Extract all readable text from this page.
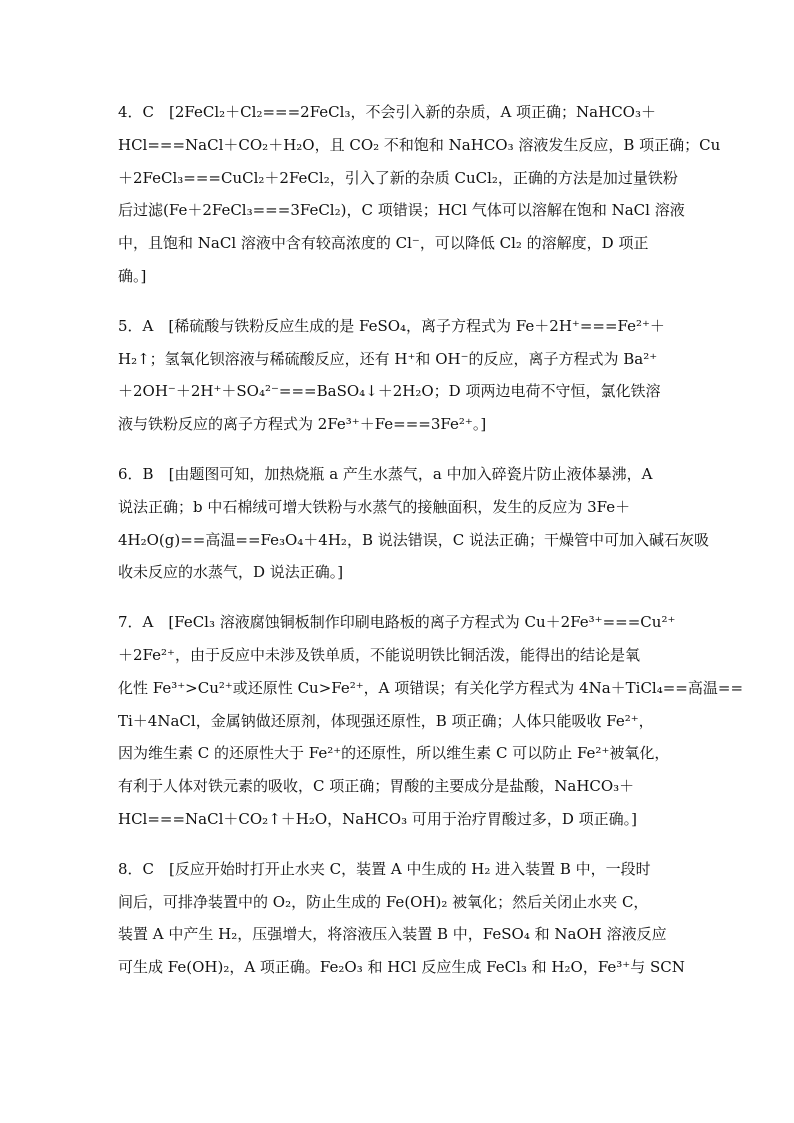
4．C　[2FeCl₂＋Cl₂===2FeCl₃，不会引入新的杂质，A 项正确；NaHCO₃＋
HCl===NaCl＋CO₂＋H₂O，且 CO₂ 不和饱和 NaHCO₃ 溶液发生反应，B 项正确；Cu
＋2FeCl₃===CuCl₂＋2FeCl₂，引入了新的杂质 CuCl₂，正确的方法是加过量铁粉
后过滤(Fe＋2FeCl₃===3FeCl₂)，C 项错误；HCl 气体可以溶解在饱和 NaCl 溶液
中，且饱和 NaCl 溶液中含有较高浓度的 Cl⁻，可以降低 Cl₂ 的溶解度，D 项正
确。]
5．A　[稀硫酸与铁粉反应生成的是 FeSO₄，离子方程式为 Fe＋2H⁺===Fe²⁺＋
H₂↑；氢氧化钡溶液与稀硫酸反应，还有 H⁺和 OH⁻的反应，离子方程式为 Ba²⁺
＋2OH⁻＋2H⁺＋SO₄²⁻===BaSO₄↓＋2H₂O；D 项两边电荷不守恒，氯化铁溶
液与铁粉反应的离子方程式为 2Fe³⁺＋Fe===3Fe²⁺。]
6．B　[由题图可知，加热烧瓶 a 产生水蒸气，a 中加入碎瓷片防止液体暴沸，A
说法正确；b 中石棉绒可增大铁粉与水蒸气的接触面积，发生的反应为 3Fe＋
4H₂O(g)==高温==Fe₃O₄＋4H₂，B 说法错误，C 说法正确；干燥管中可加入碱石灰吸
收未反应的水蒸气，D 说法正确。]
7．A　[FeCl₃ 溶液腐蚀铜板制作印刷电路板的离子方程式为 Cu＋2Fe³⁺===Cu²⁺
＋2Fe²⁺，由于反应中未涉及铁单质，不能说明铁比铜活泼，能得出的结论是氧
化性 Fe³⁺>Cu²⁺或还原性 Cu>Fe²⁺，A 项错误；有关化学方程式为 4Na＋TiCl₄==高温==
Ti＋4NaCl，金属钠做还原剂，体现强还原性，B 项正确；人体只能吸收 Fe²⁺，
因为维生素 C 的还原性大于 Fe²⁺的还原性，所以维生素 C 可以防止 Fe²⁺被氧化，
有利于人体对铁元素的吸收，C 项正确；胃酸的主要成分是盐酸，NaHCO₃＋
HCl===NaCl＋CO₂↑＋H₂O，NaHCO₃ 可用于治疗胃酸过多，D 项正确。]
8．C　[反应开始时打开止水夹 C，装置 A 中生成的 H₂ 进入装置 B 中，一段时
间后，可排净装置中的 O₂，防止生成的 Fe(OH)₂ 被氧化；然后关闭止水夹 C，
装置 A 中产生 H₂，压强增大，将溶液压入装置 B 中，FeSO₄ 和 NaOH 溶液反应
可生成 Fe(OH)₂，A 项正确。Fe₂O₃ 和 HCl 反应生成 FeCl₃ 和 H₂O，Fe³⁺与 SCN
